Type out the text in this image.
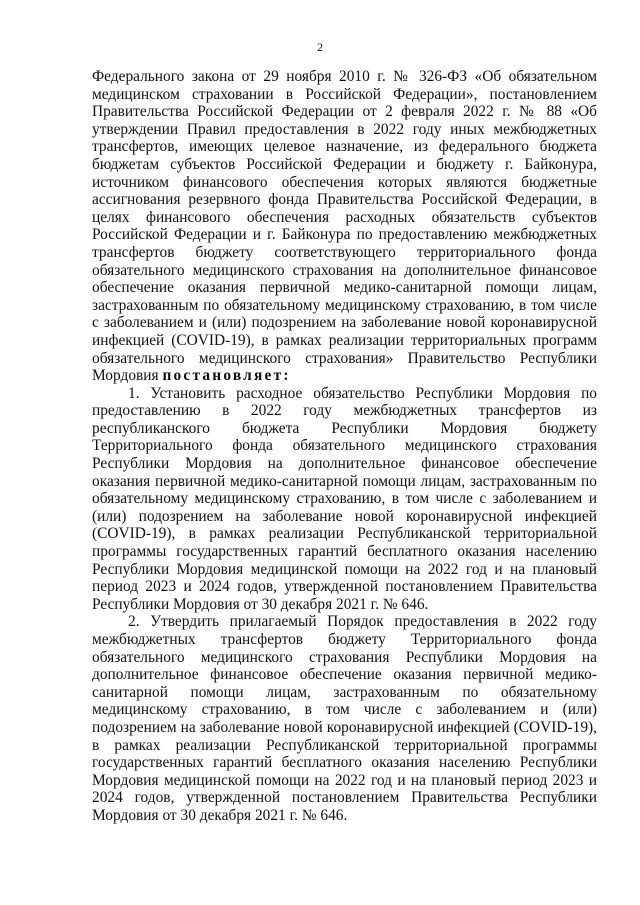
2

Федерального закона от 29 ноября 2010 г. № 326-ФЗ «Об обязательном медицинском страховании в Российской Федерации», постановлением Правительства Российской Федерации от 2 февраля 2022 г. № 88 «Об утверждении Правил предоставления в 2022 году иных межбюджетных трансфертов, имеющих целевое назначение, из федерального бюджета бюджетам субъектов Российской Федерации и бюджету г. Байконура, источником финансового обеспечения которых являются бюджетные ассигнования резервного фонда Правительства Российской Федерации, в целях финансового обеспечения расходных обязательств субъектов Российской Федерации и г. Байконура по предоставлению межбюджетных трансфертов бюджету соответствующего территориального фонда обязательного медицинского страхования на дополнительное финансовое обеспечение оказания первичной медико-санитарной помощи лицам, застрахованным по обязательному медицинскому страхованию, в том числе с заболеванием и (или) подозрением на заболевание новой коронавирусной инфекцией (COVID-19), в рамках реализации территориальных программ обязательного медицинского страхования» Правительство Республики Мордовия постановляет:

1. Установить расходное обязательство Республики Мордовия по предоставлению в 2022 году межбюджетных трансфертов из республиканского бюджета Республики Мордовия бюджету Территориального фонда обязательного медицинского страхования Республики Мордовия на дополнительное финансовое обеспечение оказания первичной медико-санитарной помощи лицам, застрахованным по обязательному медицинскому страхованию, в том числе с заболеванием и (или) подозрением на заболевание новой коронавирусной инфекцией (COVID-19), в рамках реализации Республиканской территориальной программы государственных гарантий бесплатного оказания населению Республики Мордовия медицинской помощи на 2022 год и на плановый период 2023 и 2024 годов, утвержденной постановлением Правительства Республики Мордовия от 30 декабря 2021 г. № 646.

2. Утвердить прилагаемый Порядок предоставления в 2022 году межбюджетных трансфертов бюджету Территориального фонда обязательного медицинского страхования Республики Мордовия на дополнительное финансовое обеспечение оказания первичной медико-санитарной помощи лицам, застрахованным по обязательному медицинскому страхованию, в том числе с заболеванием и (или) подозрением на заболевание новой коронавирусной инфекцией (COVID-19), в рамках реализации Республиканской территориальной программы государственных гарантий бесплатного оказания населению Республики Мордовия медицинской помощи на 2022 год и на плановый период 2023 и 2024 годов, утвержденной постановлением Правительства Республики Мордовия от 30 декабря 2021 г. № 646.
